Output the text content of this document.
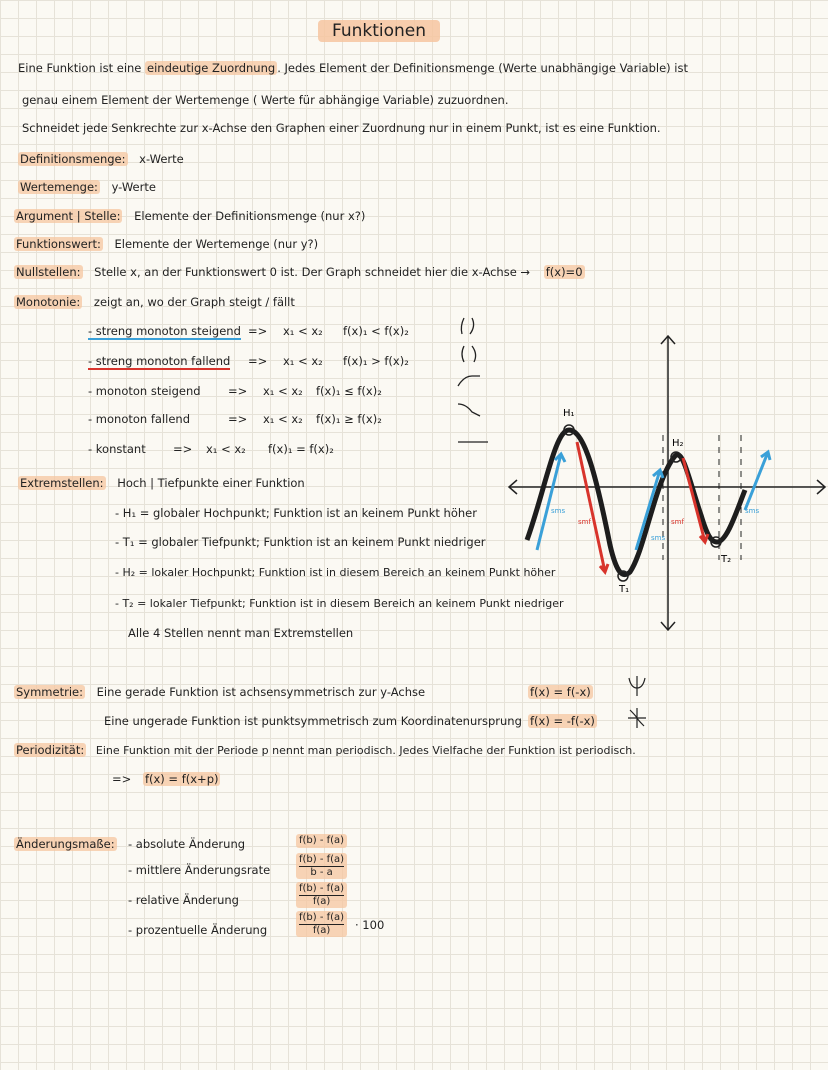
Funktionen
Eine Funktion ist eine eindeutige Zuordnung . Jedes Element der Definitionsmenge (Werte unabhängige Variable) ist
genau einem Element der Wertemenge ( Werte für abhängige Variable) zuzuordnen.
Schneidet jede Senkrechte zur x-Achse den Graphen einer Zuordnung nur in einem Punkt, ist es eine Funktion.
Definitionsmenge: x-Werte
Wertemenge: y-Werte
Argument | Stelle: Elemente der Definitionsmenge (nur x?)
Funktionswert: Elemente der Wertemenge (nur y?)
Nullstellen: Stelle x, an der Funktionswert 0 ist. Der Graph schneidet hier die x-Achse → f(x)=0
Monotonie: zeigt an, wo der Graph steigt / fällt
- streng monoton steigend => x₁ < x₂ f(x)₁ < f(x)₂
- streng monoton fallend => x₁ < x₂ f(x)₁ > f(x)₂
- monoton steigend => x₁ < x₂ f(x)₁ ≤ f(x)₂
- monoton fallend	=> x₁ < x₂ f(x)₁ ≥ f(x)₂
- konstant => x₁ < x₂ f(x)₁ = f(x)₂
Extremstellen: Hoch | Tiefpunkte einer Funktion
- H₁ = globaler Hochpunkt; Funktion ist an keinem Punkt höher
- T₁ = globaler Tiefpunkt; Funktion ist an keinem Punkt niedriger
- H₂ = lokaler Hochpunkt; Funktion ist in diesem Bereich an keinem Punkt höher
- T₂ = lokaler Tiefpunkt; Funktion ist in diesem Bereich an keinem Punkt niedriger
Alle 4 Stellen nennt man Extremstellen
H₁
T₁
H₂
T₂
sms
smf
sms
smf
sms
Symmetrie: Eine gerade Funktion ist achsensymmetrisch zur y-Achse	f(x) = f(-x)
Eine ungerade Funktion ist punktsymmetrisch zum Koordinatenursprung f(x) = -f(-x)
Periodizität: Eine Funktion mit der Periode p nennt man periodisch. Jedes Vielfache der Funktion ist periodisch.
=> f(x) = f(x+p)
Änderungsmaße: - absolute Änderung
- mittlere Änderungsrate
- relative Änderung
- prozentuelle Änderung
f(b) - f(a)
$\frac{f(b) - f(a)}{b - a}$
$\frac{f(b) - f(a)}{f(a)}$
$\frac{f(b) - f(a)}{f(a)} \cdot 100$
